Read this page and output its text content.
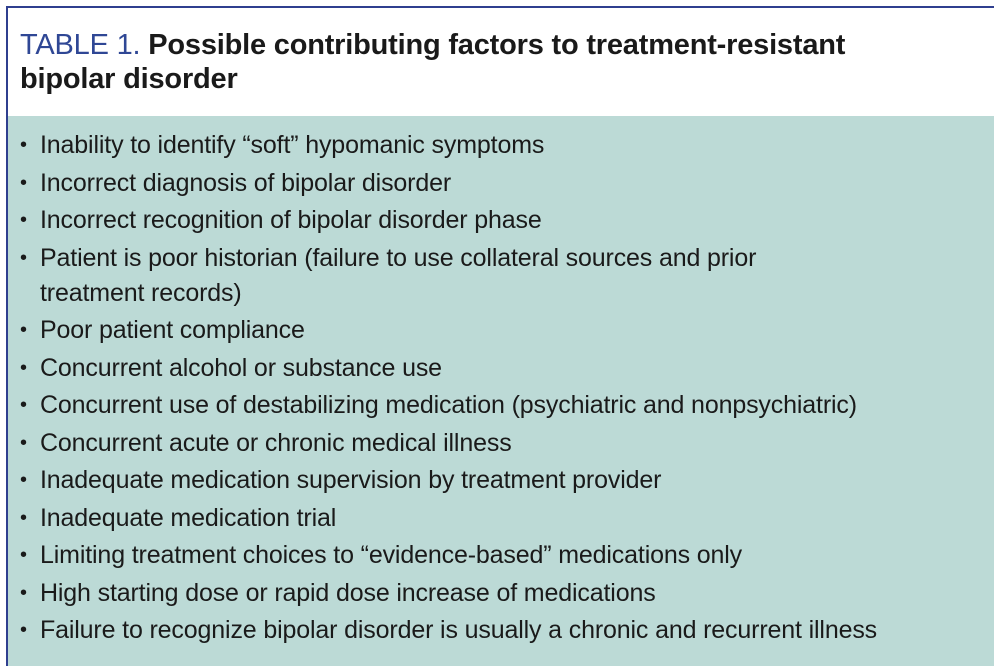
TABLE 1. Possible contributing factors to treatment-resistant
bipolar disorder
• Inability to identify “soft” hypomanic symptoms
• Incorrect diagnosis of bipolar disorder
• Incorrect recognition of bipolar disorder phase
• Patient is poor historian (failure to use collateral sources and prior
treatment records)
• Poor patient compliance
• Concurrent alcohol or substance use
• Concurrent use of destabilizing medication (psychiatric and nonpsychiatric)
• Concurrent acute or chronic medical illness
• Inadequate medication supervision by treatment provider
• Inadequate medication trial
• Limiting treatment choices to “evidence-based” medications only
• High starting dose or rapid dose increase of medications
• Failure to recognize bipolar disorder is usually a chronic and recurrent illness
